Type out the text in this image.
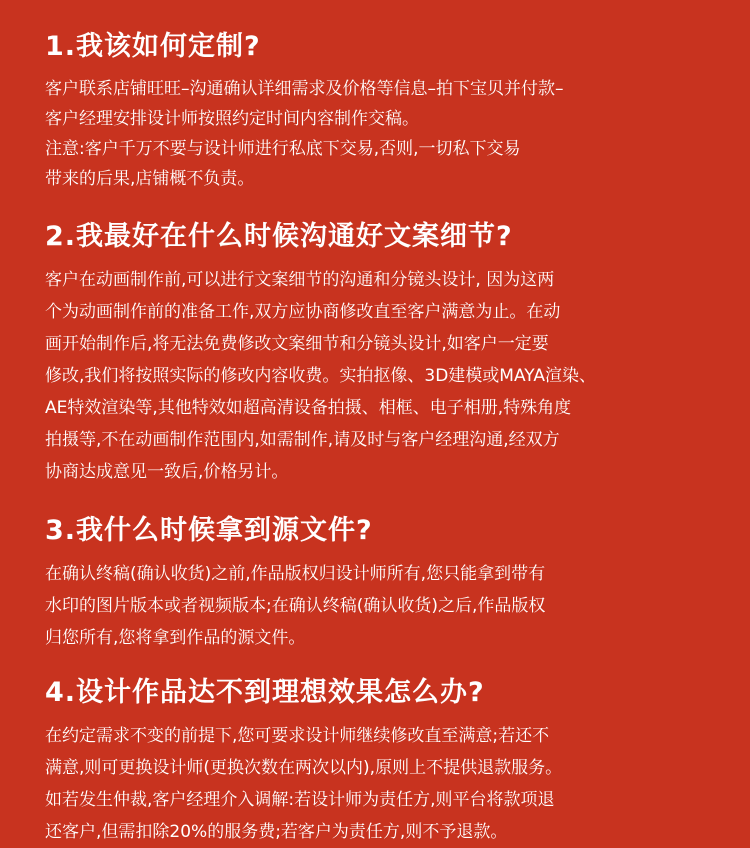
1.我该如何定制?

客户联系店铺旺旺–沟通确认详细需求及价格等信息–拍下宝贝并付款–
客户经理安排设计师按照约定时间内容制作交稿。
注意:客户千万不要与设计师进行私底下交易,否则,一切私下交易
带来的后果,店铺概不负责。

2.我最好在什么时候沟通好文案细节?

客户在动画制作前,可以进行文案细节的沟通和分镜头设计, 因为这两
个为动画制作前的准备工作,双方应协商修改直至客户满意为止。在动
画开始制作后,将无法免费修改文案细节和分镜头设计,如客户一定要
修改,我们将按照实际的修改内容收费。实拍抠像、3D建模或MAYA渲染、
AE特效渲染等,其他特效如超高清设备拍摄、相框、电子相册,特殊角度
拍摄等,不在动画制作范围内,如需制作,请及时与客户经理沟通,经双方
协商达成意见一致后,价格另计。

3.我什么时候拿到源文件?

在确认终稿(确认收货)之前,作品版权归设计师所有,您只能拿到带有
水印的图片版本或者视频版本;在确认终稿(确认收货)之后,作品版权
归您所有,您将拿到作品的源文件。

4.设计作品达不到理想效果怎么办?

在约定需求不变的前提下,您可要求设计师继续修改直至满意;若还不
满意,则可更换设计师(更换次数在两次以内),原则上不提供退款服务。
如若发生仲裁,客户经理介入调解:若设计师为责任方,则平台将款项退
还客户,但需扣除20%的服务费;若客户为责任方,则不予退款。
